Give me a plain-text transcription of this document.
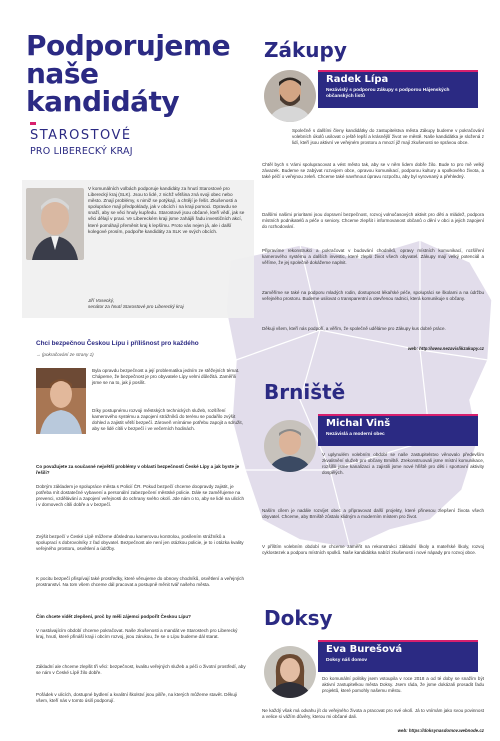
Podporujeme
naše kandidáty
STAROSTOVÉ
PRO LIBERECKÝ KRAJ
V komunálních volbách podporuje kandidáty za hnutí Starostové pro Liberecký kraj (SLK). Jsou to lidé, z nichž většina zná svoji obec nebo město. Znají problémy, s nimiž se potýkají, a chtějí je řešit. Zkušenosti a spolupráce mají předpoklady, jak v obcích i na kraji pomoci. Opravdu se snaží, aby se věci hnuly kupředu. Starostové jsou občané, kteří vědí, jak se věci dělají v praxi. Ve Libereckém kraji jsme zahájili řadu investičních akcí, které pomáhají přeměnit kraj k lepšímu. Proto vás nejen já, ale i další kolegové prosím, podpořte kandidáty za SLK ve svých obcích.
Jiří Vosecký,
senátor za hnutí Starostové pro Liberecký kraj
Chci bezpečnou Českou Lípu i přílišnost pro každého
→ (pokračování ze strany 1)
Byla opravdu bezpečnost a její problematika jedním ze stěžejních témat. Chápeme, že bezpečnost je pro obyvatele Lípy velmi důležitá. Zaměřili jsme se na to, jak ji posílit.
Díky postupnému rozvoji městských technických služeb, rozšíření kamerového systému a zapojení strážníků do terénu se podařilo zvýšit dohled a zajistit větší bezpečí. Zároveň vnímáme potřebu zapojit a sdružit, aby se lidé cítili v bezpečí i ve večerních hodinách.
Co považujete za současné největší problémy v oblasti bezpečnosti České Lípy a jak byste je řešili?
Dobrým základem je spolupráce města s Policií ČR. Pokud bezpečí chceme doopravdy zajistit, je potřeba mít dostatečné vybavení a personální zabezpečení městské policie. Dále se zaměřujeme na prevenci, vzdělávání a zapojení veřejnosti do ochrany svého okolí. Jde nám o to, aby se lidé na ulicích i v domovech cítili dobře a v bezpečí.
Zvýšit bezpečí v České Lípě můžeme důslednou kamerovou kontrolou, posílením strážníků a spoluprací s dobrovolníky z řad obyvatel. Bezpečnost ale není jen otázkou policie, je to i otázka kvality veřejného prostoru, osvětlení a údržby.
K pocitu bezpečí přispívají také prostředky, které věnujeme do obnovy chodníků, osvětlení a veřejných prostranství. Na tom všem chceme dál pracovat a postupně měnit tvář našeho města.
Čím chcete vidět zlepšení, proč by měli zájemci podpořit Českou Lípu?
V nastávajícím období chceme pokračovat. Naše zkušenosti a mandát ve Starostech pro Liberecký kraj, hnutí, které přináší kraji i obcím rozvoj, jsou zárukou, že se o Lípu budeme dál starat.
Základní ale chceme zlepšit tři věci: bezpečnost, kvalitu veřejných služeb a péči o životní prostředí, aby se nám v České Lípě žilo dobře.
Pořádek v ulicích, dostupné bydlení a kvalitní školství jsou pilíře, na kterých můžeme stavět. Děkuji všem, kteří nás v tomto úsilí podporují.
Zákupy
Radek Lípa
Nezávislý s podporou Zákupy s podporou Hájenských občanských listů
Společně s dalšími členy kandidátky do zastupitelstva města Zákupy budeme v pokračování volebních úkolů usilovat o ještě lepší a krásnější život ve městě. Naše kandidátka je složená z lidí, kteří jsou aktivní ve veřejném prostoru a mnozí již mají zkušenosti se správou obce.
Chtěl bych s Vámi spolupracovat a vést město tak, aby se v něm lidem dobře žilo. Bude to pro mě velký závazek. Budeme se zabývat rozvojem obce, opravou komunikací, podporou kultury a spolkového života, a také péčí o veřejnou zeleň. Chceme také navrhnout úpravu rozpočtu, aby byl vyrovnaný a přehledný.
Dalšími našimi prioritami jsou dopravní bezpečnost, rozvoj volnočasových aktivit pro děti a mládež, podpora místních podnikatelů a péče o seniory. Chceme zlepšit i informovanost občanů o dění v obci a jejich zapojení do rozhodování.
Připravíme rekonstrukci a pokračovat v budování chodníků, opravy místních komunikací, rozšíření kamerového systému a dalších investic, které zlepší život všech obyvatel. Zákupy mají velký potenciál a věříme, že jej společně dokážeme naplnit.
Zaměříme se také na podporu mladých rodin, dostupnost lékařské péče, spolupráci se školami a na údržbu veřejného prostoru. Budeme usilovat o transparentní a otevřenou radnici, která komunikuje s občany.
Děkuji všem, kteří nás podpoří, a věřím, že společně uděláme pro Zákupy kus dobré práce.
web: http://www.nezavislikzakupy.cz
Brniště
Michal Vinš
Nezávislá a moderní obec
V uplynulém volebním období se naše zastupitelstvo věnovalo především zkvalitnění služeb pro občany Brniště. Zrekonstruovali jsme místní komunikace, rozšířili jsme kanalizaci a zajistili jsme nové hřiště pro děti i sportovní aktivity dospělých.
Naším cílem je nadále rozvíjet obec a připravovat další projekty, které přinesou zlepšení života všech obyvatel. Chceme, aby Brniště zůstalo klidným a moderním místem pro život.
V příštím volebním období se chceme zaměřit na rekonstrukci základní školy a mateřské školy, rozvoj cyklostezek a podporu místních spolků. Naše kandidátka nabízí zkušenosti i nové nápady pro rozvoj obce.
Doksy
Eva Burešová
Doksy náš domov
Do komunální politiky jsem vstoupila v roce 2018 a od té doby se snažím být aktivní zastupitelkou města Doksy. Jsem ráda, že jsme dokázali prosadit řadu projektů, které pomohly našemu městu.
Ne každý však má odvahu jít do veřejného života a pracovat pro své okolí. Já to vnímám jako svou povinnost a velice si vážím důvěry, kterou mi občané dali.
web: https://doksynasdomov.webnode.cz
